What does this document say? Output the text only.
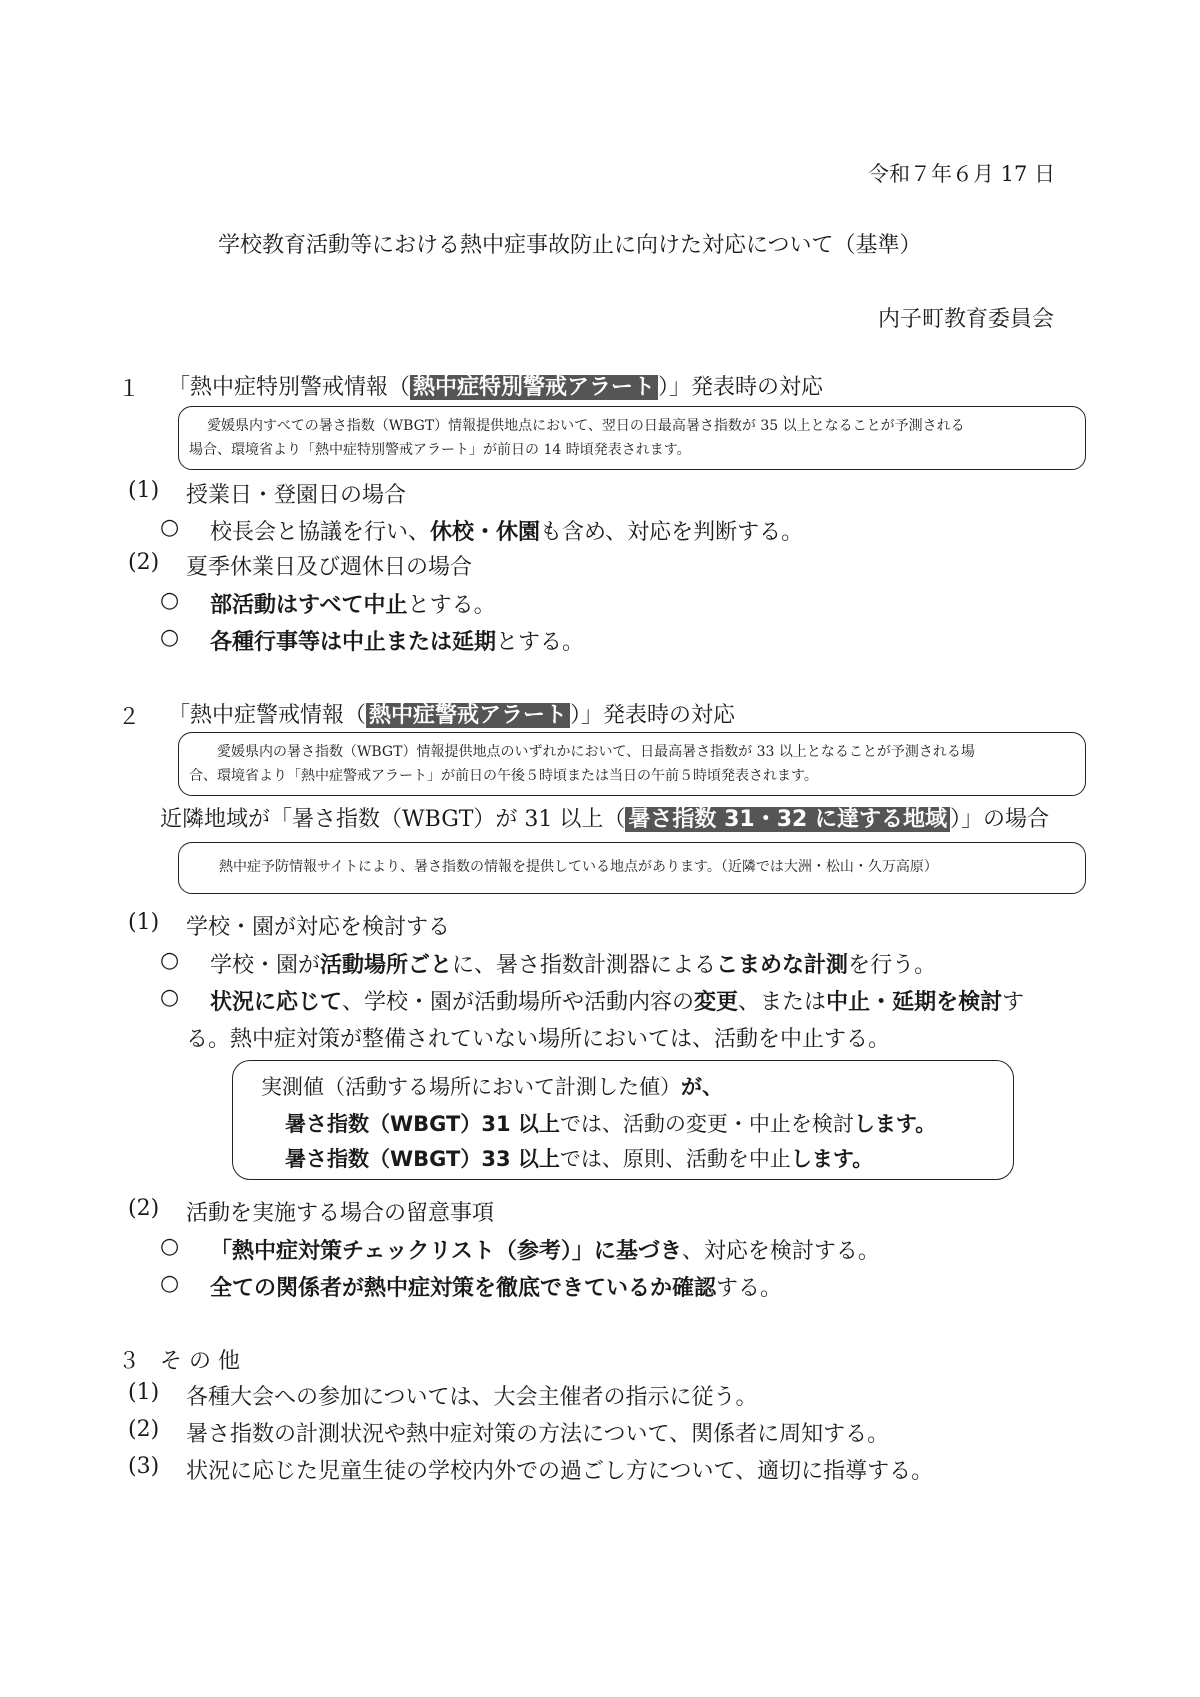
令和７年６月 17 日
学校教育活動等における熱中症事故防止に向けた対応について（基準）
内子町教育委員会
１ 「熱中症特別警戒情報（ 熱中症特別警戒アラート ）」発表時の対応
愛媛県内すべての暑さ指数（WBGT）情報提供地点において、翌日の日最高暑さ指数が 35 以上となることが予測される
場合、環境省より「熱中症特別警戒アラート」が前日の 14 時頃発表されます。
(1) 授業日・登園日の場合
○ 校長会と協議を行い、休校・休園も含め、対応を判断する。
(2) 夏季休業日及び週休日の場合
○ 部活動はすべて中止とする。
○ 各種行事等は中止または延期とする。
２ 「熱中症警戒情報（ 熱中症警戒アラート ）」発表時の対応
愛媛県内の暑さ指数（WBGT）情報提供地点のいずれかにおいて、日最高暑さ指数が 33 以上となることが予測される場
合、環境省より「熱中症警戒アラート」が前日の午後５時頃または当日の午前５時頃発表されます。
近隣地域が「暑さ指数（WBGT）が 31 以上（ 暑さ指数 31・32 に達する地域 ）」の場合
熱中症予防情報サイトにより、暑さ指数の情報を提供している地点があります。（近隣では大洲・松山・久万高原）
(1) 学校・園が対応を検討する
○ 学校・園が活動場所ごとに、暑さ指数計測器によるこまめな計測を行う。
○ 状況に応じて、学校・園が活動場所や活動内容の変更、または中止・延期を検討す
る。熱中症対策が整備されていない場所においては、活動を中止する。
実測値（活動する場所において計測した値）が、
暑さ指数（WBGT）31 以上では、活動の変更・中止を検討します。
暑さ指数（WBGT）33 以上では、原則、活動を中止します。
(2) 活動を実施する場合の留意事項
○ 「熱中症対策チェックリスト（参考）」に基づき、対応を検討する。
○ 全ての関係者が熱中症対策を徹底できているか確認する。
３ そ の 他
(1) 各種大会への参加については、大会主催者の指示に従う。
(2) 暑さ指数の計測状況や熱中症対策の方法について、関係者に周知する。
(3) 状況に応じた児童生徒の学校内外での過ごし方について、適切に指導する。
